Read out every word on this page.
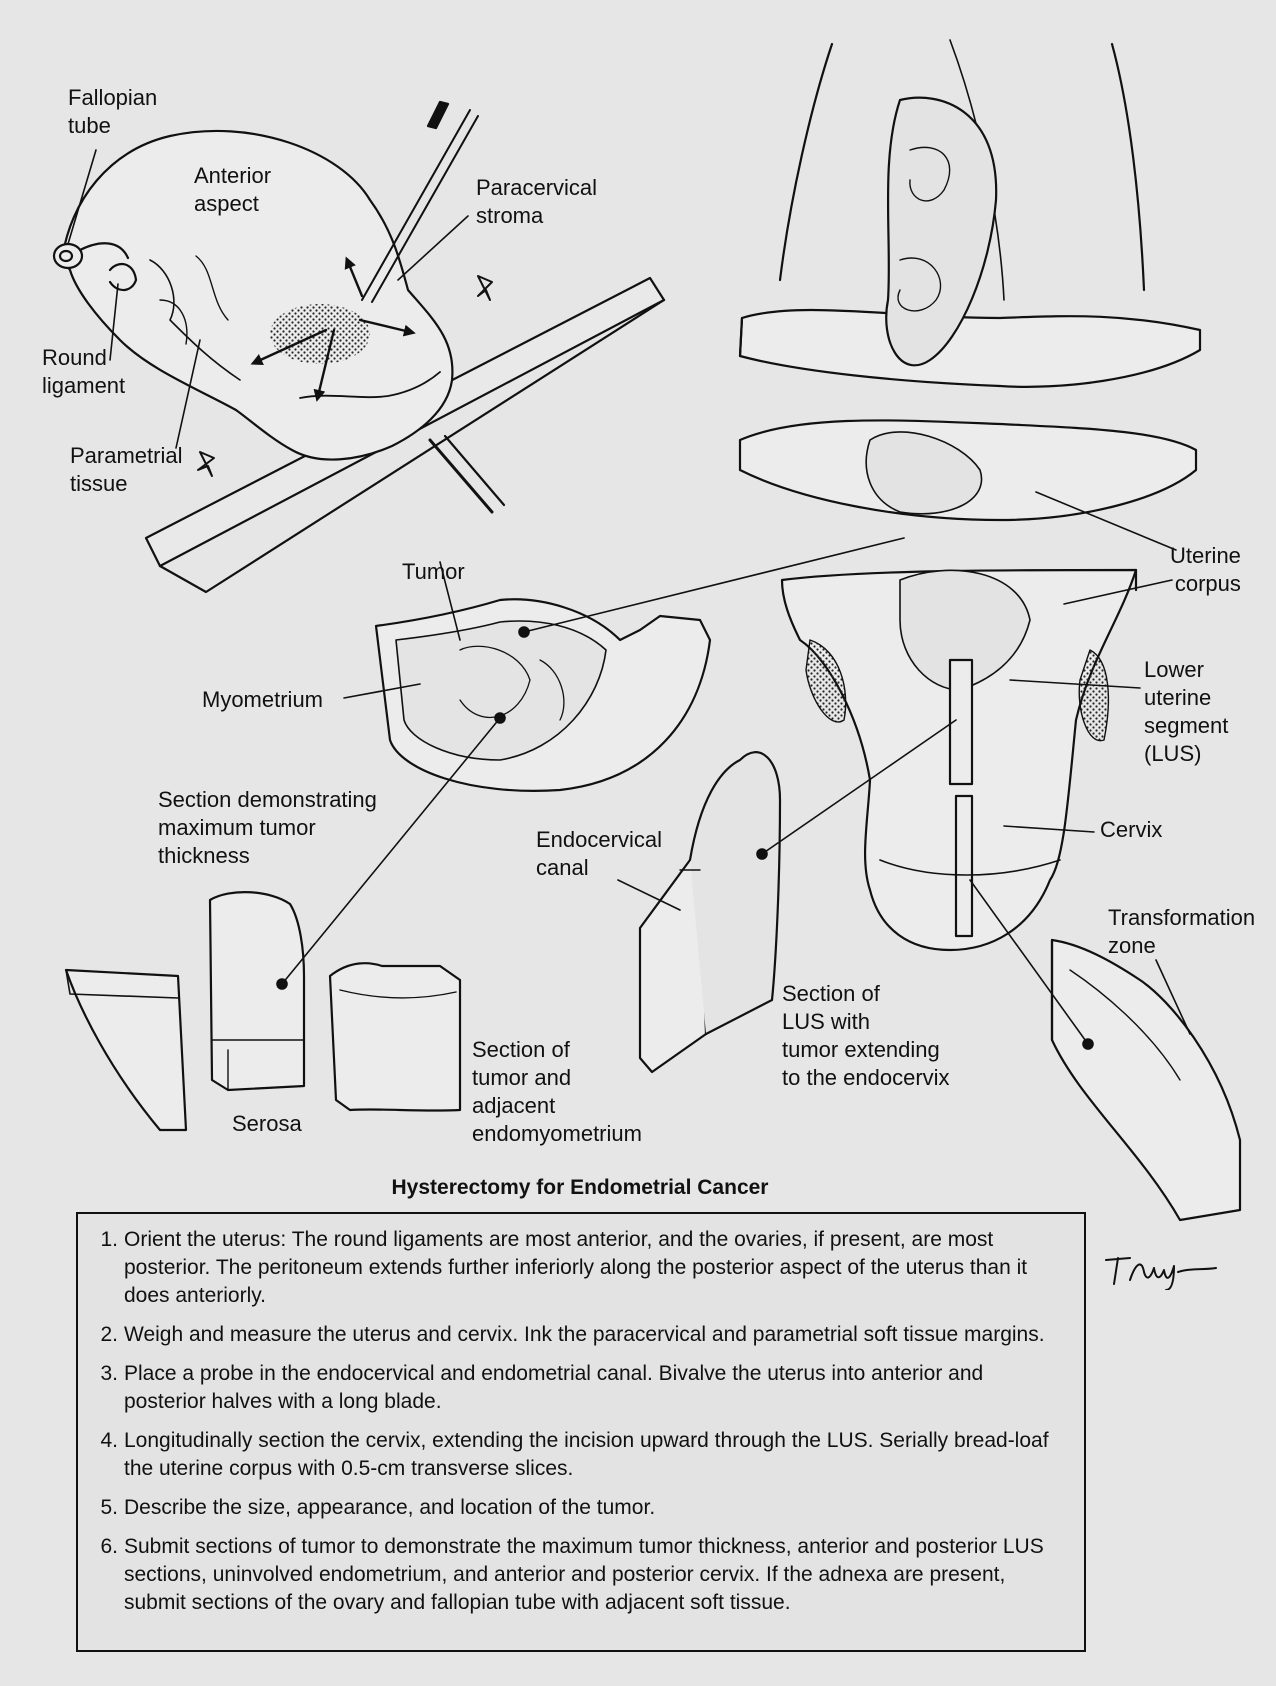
Fallopian
tube
Anterior
aspect
Paracervical
stroma
Round
ligament
Parametrial
tissue
Tumor
Myometrium
Uterine
corpus
Lower
uterine
segment
(LUS)
Cervix
Section demonstrating
maximum tumor
thickness
Endocervical
canal
Transformation
zone
Section of
LUS with
tumor extending
to the endocervix
Section of
tumor and
adjacent
endomyometrium
Serosa
Hysterectomy for Endometrial Cancer
1. Orient the uterus: The round ligaments are most anterior, and the ovaries, if present, are most posterior. The peritoneum extends further inferiorly along the posterior aspect of the uterus than it does anteriorly.
2. Weigh and measure the uterus and cervix. Ink the paracervical and parametrial soft tissue margins.
3. Place a probe in the endocervical and endometrial canal. Bivalve the uterus into anterior and posterior halves with a long blade.
4. Longitudinally section the cervix, extending the incision upward through the LUS. Serially bread-loaf the uterine corpus with 0.5-cm transverse slices.
5. Describe the size, appearance, and location of the tumor.
6. Submit sections of tumor to demonstrate the maximum tumor thickness, anterior and posterior LUS sections, uninvolved endometrium, and anterior and posterior cervix. If the adnexa are present, submit sections of the ovary and fallopian tube with adjacent soft tissue.
